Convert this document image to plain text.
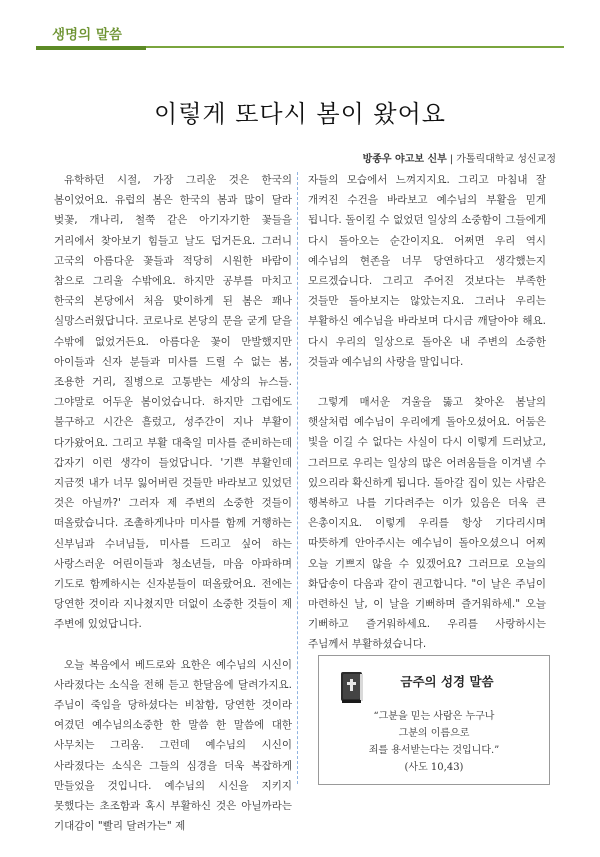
생명의 말씀
이렇게 또다시 봄이 왔어요
방종우 야고보 신부 | 가톨릭대학교 성신교정

유학하던 시절, 가장 그리운 것은 한국의 봄이었어요. 유럽의 봄은 한국의 봄과 많이 달라 벚꽃, 개나리, 철쭉 같은 아기자기한 꽃들을 거리에서 찾아보기 힘들고 날도 덥거든요. 그러니 고국의 아름다운 꽃들과 적당히 시원한 바람이 참으로 그리울 수밖에요. 하지만 공부를 마치고 한국의 본당에서 처음 맞이하게 된 봄은 꽤나 실망스러웠답니다. 코로나로 본당의 문을 굳게 닫을 수밖에 없었거든요. 아름다운 꽃이 만발했지만 아이들과 신자 분들과 미사를 드릴 수 없는 봄, 조용한 거리, 질병으로 고통받는 세상의 뉴스들. 그야말로 어두운 봄이었습니다. 하지만 그럼에도 불구하고 시간은 흘렀고, 성주간이 지나 부활이 다가왔어요. 그리고 부활 대축일 미사를 준비하는데 갑자기 이런 생각이 들었답니다. '기쁜 부활인데 지금껏 내가 너무 잃어버린 것들만 바라보고 있었던 것은 아닐까?' 그러자 제 주변의 소중한 것들이 떠올랐습니다. 조촐하게나마 미사를 함께 거행하는 신부님과 수녀님들, 미사를 드리고 싶어 하는 사랑스러운 어린이들과 청소년들, 마음 아파하며 기도로 함께하시는 신자분들이 떠올랐어요. 전에는 당연한 것이라 지나쳤지만 더없이 소중한 것들이 제 주변에 있었답니다.

오늘 복음에서 베드로와 요한은 예수님의 시신이 사라졌다는 소식을 전해 듣고 한달음에 달려가지요. 주님이 죽임을 당하셨다는 비참함, 당연한 것이라 여겼던 예수님의소중한 한 말씀 한 말씀에 대한 사무치는 그리움. 그런데 예수님의 시신이 사라졌다는 소식은 그들의 심경을 더욱 복잡하게 만들었을 것입니다. 예수님의 시신을 지키지 못했다는 초조함과 혹시 부활하신 것은 아닐까라는 기대감이 "빨리 달려가는" 제

자들의 모습에서 느껴지지요. 그리고 마침내 잘 개켜진 수건을 바라보고 예수님의 부활을 믿게 됩니다. 돌이킬 수 없었던 일상의 소중함이 그들에게 다시 돌아오는 순간이지요. 어쩌면 우리 역시 예수님의 현존을 너무 당연하다고 생각했는지 모르겠습니다. 그리고 주어진 것보다는 부족한 것들만 돌아보지는 않았는지요. 그러나 우리는 부활하신 예수님을 바라보며 다시금 깨달아야 해요. 다시 우리의 일상으로 돌아온 내 주변의 소중한 것들과 예수님의 사랑을 말입니다.

그렇게 매서운 겨울을 뚫고 찾아온 봄날의 햇살처럼 예수님이 우리에게 돌아오셨어요. 어둠은 빛을 이길 수 없다는 사실이 다시 이렇게 드러났고, 그러므로 우리는 일상의 많은 어려움들을 이겨낼 수 있으리라 확신하게 됩니다. 돌아갈 집이 있는 사람은 행복하고 나를 기다려주는 이가 있음은 더욱 큰 은총이지요. 이렇게 우리를 항상 기다리시며 따뜻하게 안아주시는 예수님이 돌아오셨으니 어찌 오늘 기쁘지 않을 수 있겠어요? 그러므로 오늘의 화답송이 다음과 같이 권고합니다. "이 날은 주님이 마련하신 날, 이 날을 기뻐하며 즐거워하세." 오늘 기뻐하고 즐거워하세요. 우리를 사랑하시는 주님께서 부활하셨습니다.

금주의 성경 말씀
“그분을 믿는 사람은 누구나
그분의 이름으로
죄를 용서받는다는 것입니다.”
(사도 10,43)
